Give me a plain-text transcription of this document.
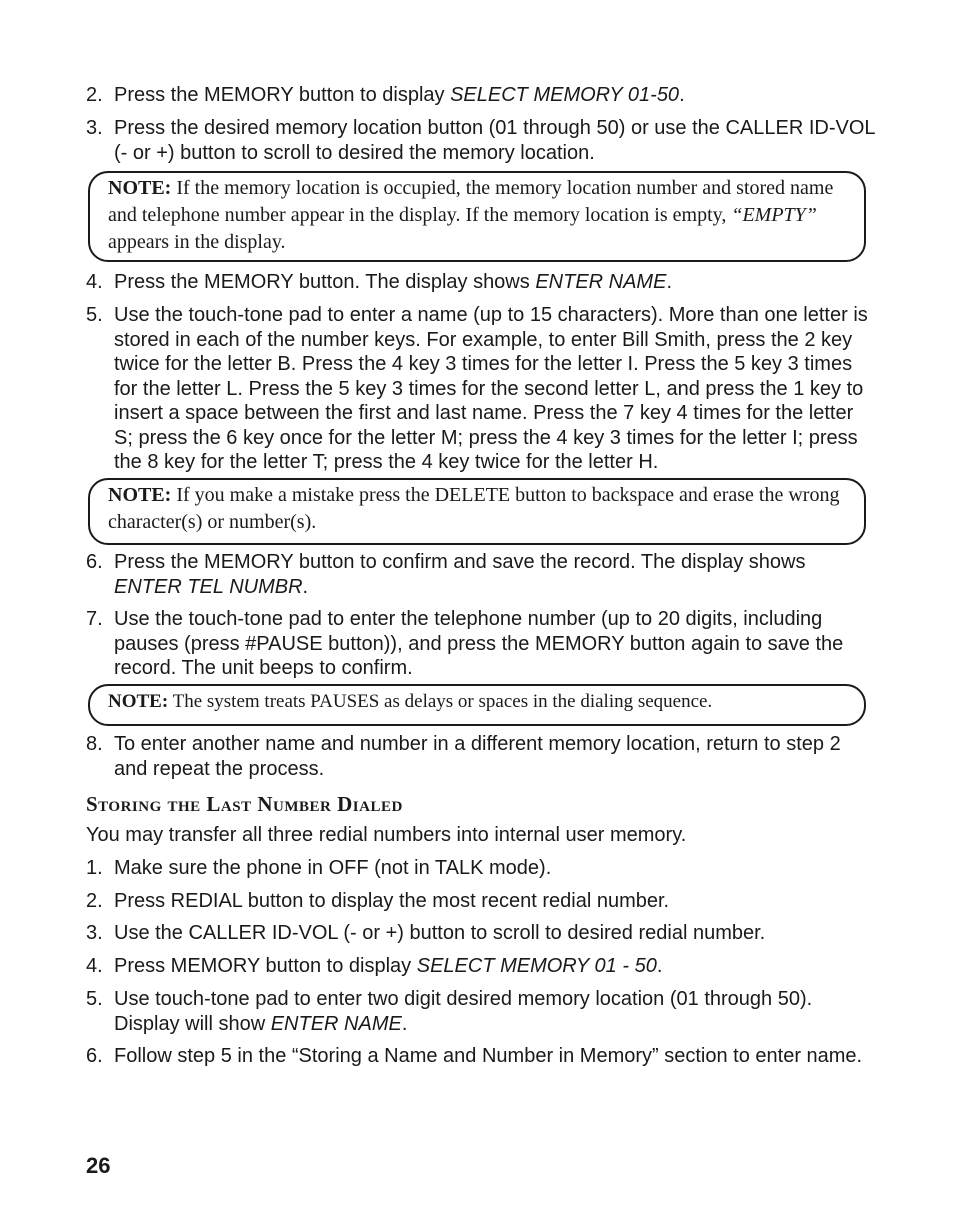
2. Press the MEMORY button to display SELECT MEMORY 01-50.
3. Press the desired memory location button (01 through 50) or use the CALLER ID-VOL (- or +) button to scroll to desired the memory location.
NOTE: If the memory location is occupied, the memory location number and stored name and telephone number appear in the display. If the memory location is empty, “EMPTY” appears in the display.
4. Press the MEMORY button. The display shows ENTER NAME.
5. Use the touch-tone pad to enter a name (up to 15 characters). More than one letter is stored in each of the number keys. For example, to enter Bill Smith, press the 2 key twice for the letter B. Press the 4 key 3 times for the letter I. Press the 5 key 3 times for the letter L. Press the 5 key 3 times for the second letter L, and press the 1 key to insert a space between the first and last name. Press the 7 key 4 times for the letter S; press the 6 key once for the letter M; press the 4 key 3 times for the letter I; press the 8 key for the letter T; press the 4 key twice for the letter H.
NOTE: If you make a mistake press the DELETE button to backspace and erase the wrong character(s) or number(s).
6. Press the MEMORY button to confirm and save the record. The display shows ENTER TEL NUMBR.
7. Use the touch-tone pad to enter the telephone number (up to 20 digits, including pauses (press #PAUSE button)), and press the MEMORY button again to save the record. The unit beeps to confirm.
NOTE: The system treats PAUSES as delays or spaces in the dialing sequence.
8. To enter another name and number in a different memory location, return to step 2 and repeat the process.
Storing the Last Number Dialed
You may transfer all three redial numbers into internal user memory.
1. Make sure the phone in OFF (not in TALK mode).
2. Press REDIAL button to display the most recent redial number.
3. Use the CALLER ID-VOL (- or +) button to scroll to desired redial number.
4. Press MEMORY button to display SELECT MEMORY 01 - 50.
5. Use touch-tone pad to enter two digit desired memory location (01 through 50). Display will show ENTER NAME.
6. Follow step 5 in the “Storing a Name and Number in Memory” section to enter name.
26
